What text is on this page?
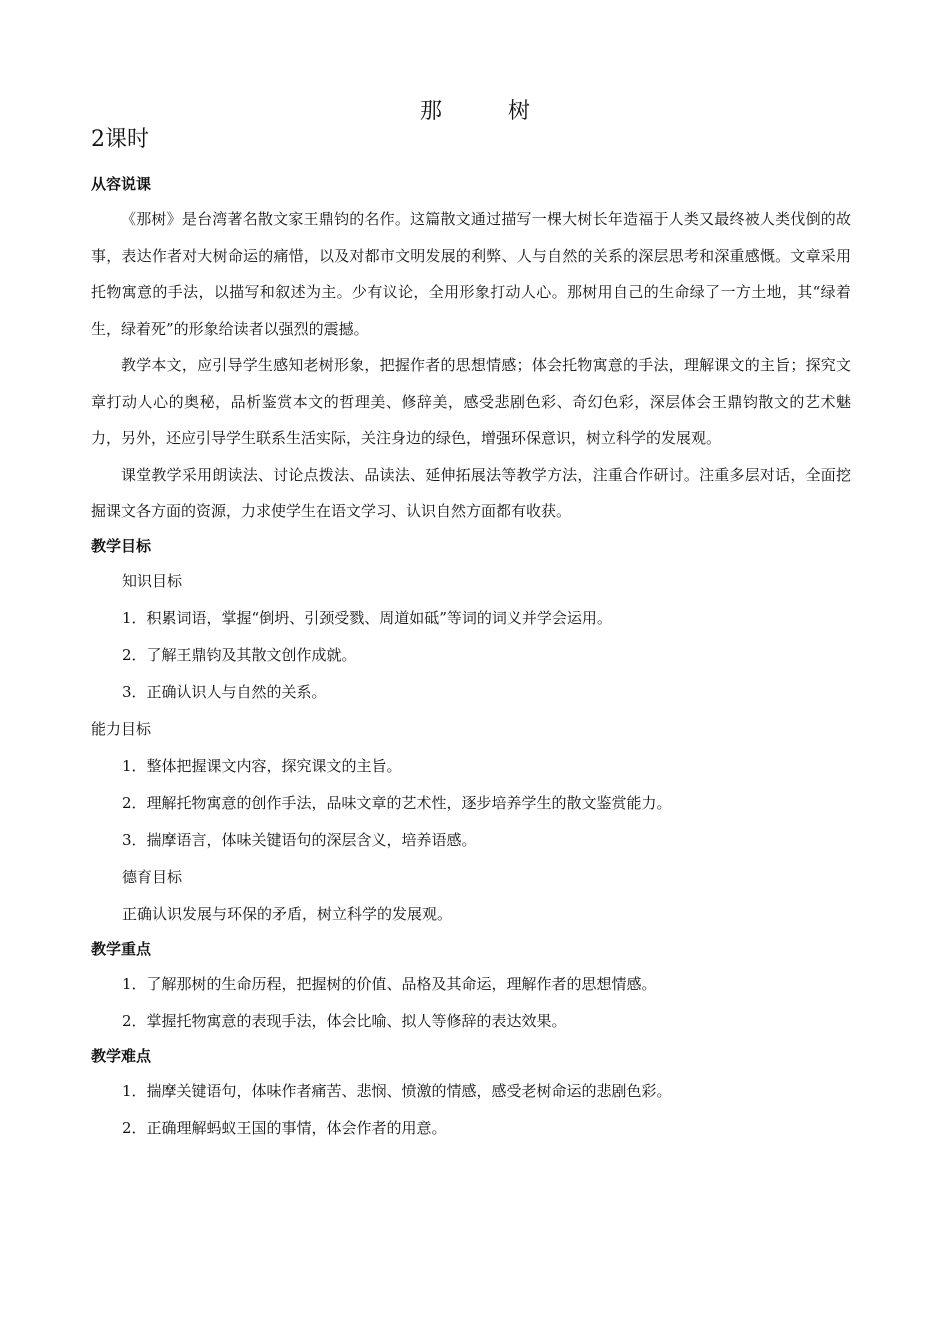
那　树
2课时
从容说课

《那树》是台湾著名散文家王鼎钧的名作。这篇散文通过描写一棵大树长年造福于人类又最终被人类伐倒的故事，表达作者对大树命运的痛惜，以及对都市文明发展的利弊、人与自然的关系的深层思考和深重感慨。文章采用托物寓意的手法，以描写和叙述为主。少有议论，全用形象打动人心。那树用自己的生命绿了一方土地，其“绿着生，绿着死”的形象给读者以强烈的震撼。

教学本文，应引导学生感知老树形象，把握作者的思想情感；体会托物寓意的手法，理解课文的主旨；探究文章打动人心的奥秘，品析鉴赏本文的哲理美、修辞美，感受悲剧色彩、奇幻色彩，深层体会王鼎钧散文的艺术魅力，另外，还应引导学生联系生活实际，关注身边的绿色，增强环保意识，树立科学的发展观。

课堂教学采用朗读法、讨论点拨法、品读法、延伸拓展法等教学方法，注重合作研讨。注重多层对话，全面挖掘课文各方面的资源，力求使学生在语文学习、认识自然方面都有收获。

教学目标
知识目标
1．积累词语，掌握“倒坍、引颈受戮、周道如砥”等词的词义并学会运用。
2．了解王鼎钧及其散文创作成就。
3．正确认识人与自然的关系。
能力目标
1．整体把握课文内容，探究课文的主旨。
2．理解托物寓意的创作手法，品味文章的艺术性，逐步培养学生的散文鉴赏能力。
3．揣摩语言，体味关键语句的深层含义，培养语感。
德育目标
正确认识发展与环保的矛盾，树立科学的发展观。
教学重点
1．了解那树的生命历程，把握树的价值、品格及其命运，理解作者的思想情感。
2．掌握托物寓意的表现手法，体会比喻、拟人等修辞的表达效果。
教学难点
1．揣摩关键语句，体味作者痛苦、悲悯、愤激的情感，感受老树命运的悲剧色彩。
2．正确理解蚂蚁王国的事情，体会作者的用意。
